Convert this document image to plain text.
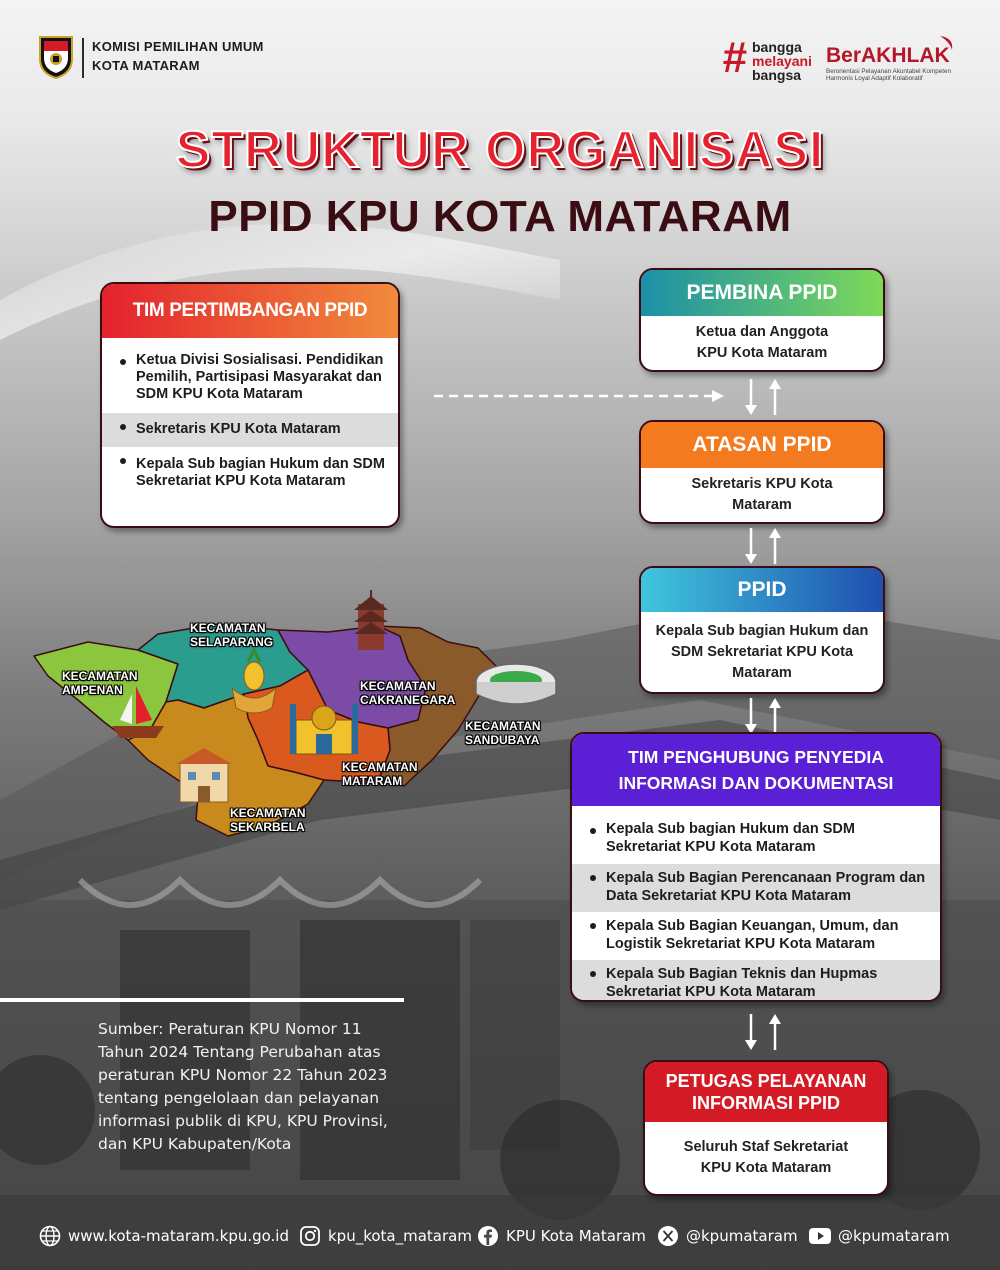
KOMISI PEMILIHAN UMUM
KOTA MATARAM	# bangga
melayani
bangsa
BerAKHLAK
Berorientasi Pelayanan Akuntabel Kompeten Harmonis Loyal Adaptif Kolaboratif
STRUKTUR ORGANISASI
PPID KPU KOTA MATARAM
TIM PERTIMBANGAN PPID
Ketua Divisi Sosialisasi. Pendidikan Pemilih, Partisipasi Masyarakat dan SDM KPU Kota Mataram
Sekretaris KPU Kota Mataram
Kepala Sub bagian Hukum dan SDM Sekretariat KPU Kota Mataram
PEMBINA PPID
Ketua dan Anggota KPU Kota Mataram
ATASAN PPID
Sekretaris KPU Kota Mataram
PPID
Kepala Sub bagian Hukum dan SDM Sekretariat KPU Kota Mataram
TIM PENGHUBUNG PENYEDIA INFORMASI DAN DOKUMENTASI
Kepala Sub bagian Hukum dan SDM Sekretariat KPU Kota Mataram
Kepala Sub Bagian Perencanaan Program dan Data Sekretariat KPU Kota Mataram
Kepala Sub Bagian Keuangan, Umum, dan Logistik Sekretariat KPU Kota Mataram
Kepala Sub Bagian Teknis dan Hupmas Sekretariat KPU Kota Mataram
PETUGAS PELAYANAN INFORMASI PPID
Seluruh Staf Sekretariat KPU Kota Mataram
KECAMATAN AMPENAN
KECAMATAN SELAPARANG
KECAMATAN CAKRANEGARA
KECAMATAN SANDUBAYA
KECAMATAN MATARAM
KECAMATAN SEKARBELA
Sumber: Peraturan KPU Nomor 11 Tahun 2024 Tentang Perubahan atas peraturan KPU Nomor 22 Tahun 2023 tentang pengelolaan dan pelayanan informasi publik di KPU, KPU Provinsi, dan KPU Kabupaten/Kota
www.kota-mataram.kpu.go.id	kpu_kota_mataram KPU Kota Mataram	@kpumataram	@kpumataram
